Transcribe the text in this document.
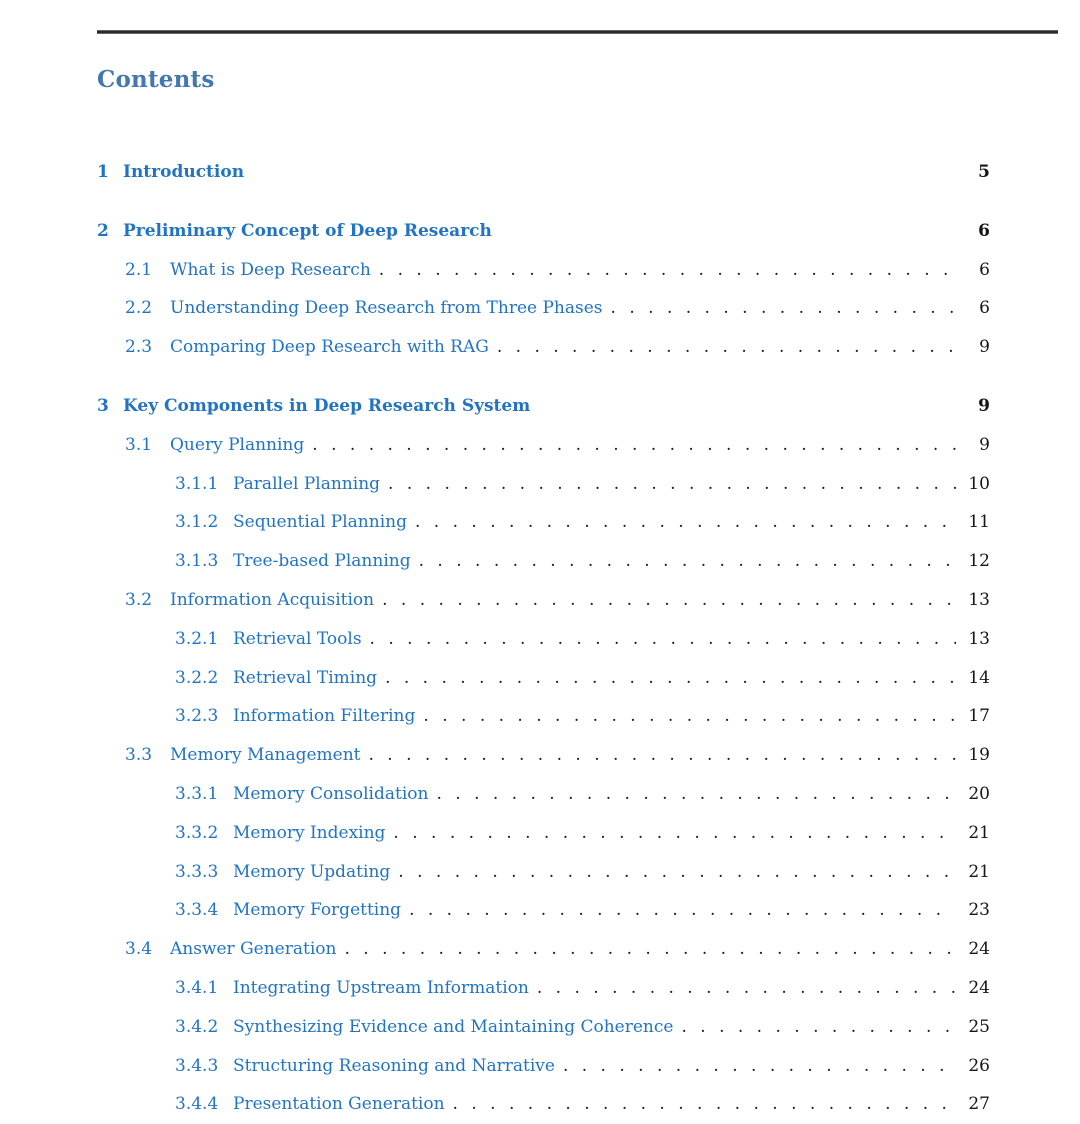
Contents
1 Introduction	5
2 Preliminary Concept of Deep Research	6
2.1	What is Deep Research . . .	6
2.2	Understanding Deep Research from Three Phases . . .	6
2.3	Comparing Deep Research with RAG . . .	9
3 Key Components in Deep Research System	9
3.1	Query Planning . . .	9
3.1.1 Parallel Planning . . .	10
3.1.2 Sequential Planning . . .	11
3.1.3 Tree-based Planning . . .	12
3.2	Information Acquisition . . .	13
3.2.1 Retrieval Tools . . .	13
3.2.2 Retrieval Timing . . .	14
3.2.3 Information Filtering . . .	17
3.3	Memory Management . . .	19
3.3.1 Memory Consolidation . . .	20
3.3.2 Memory Indexing . . .	21
3.3.3 Memory Updating . . .	21
3.3.4 Memory Forgetting . . .	23
3.4	Answer Generation . . .	24
3.4.1 Integrating Upstream Information . . .	24
3.4.2 Synthesizing Evidence and Maintaining Coherence . . .	25
3.4.3 Structuring Reasoning and Narrative . . .	26
3.4.4 Presentation Generation . . .	27
